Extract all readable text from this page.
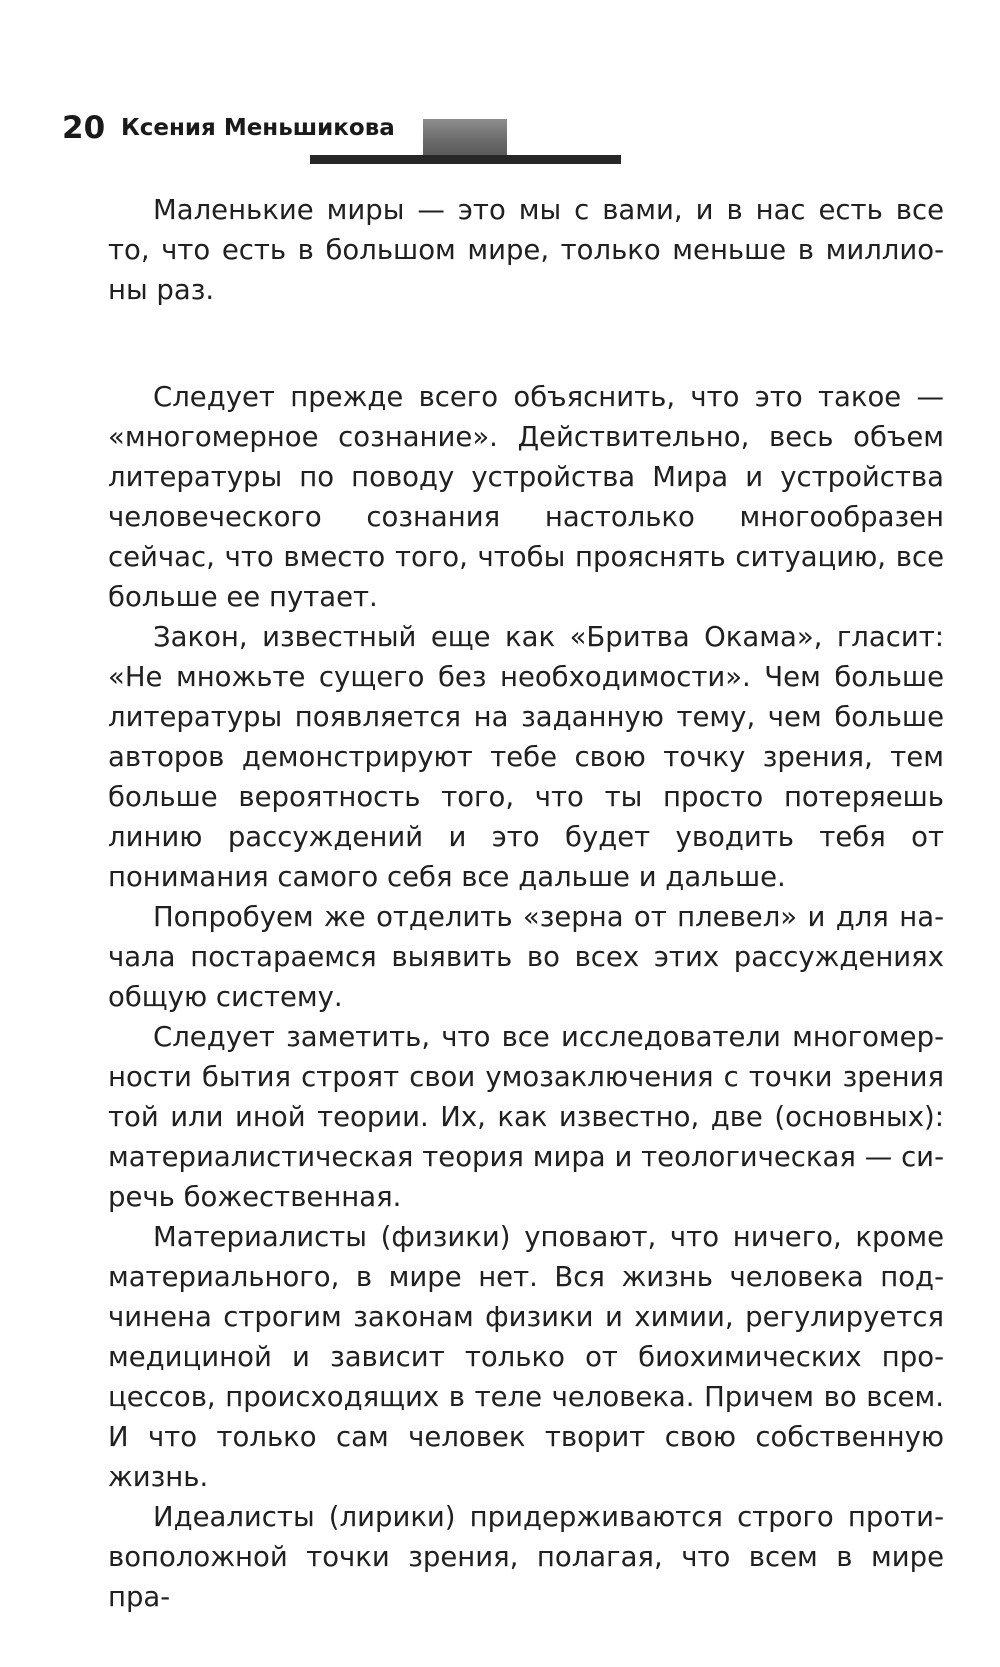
20 Ксения Меньшикова

Маленькие миры — это мы с вами, и в нас есть все то, что есть в большом мире, только меньше в миллионы раз.

Следует прежде всего объяснить, что это такое — «многомерное сознание». Действительно, весь объем литературы по поводу устройства Мира и устройства человеческого сознания настолько многообразен сейчас, что вместо того, чтобы прояснять ситуацию, все больше ее путает.

Закон, известный еще как «Бритва Окама», гласит: «Не множьте сущего без необходимости». Чем больше литературы появляется на заданную тему, чем больше авторов демонстрируют тебе свою точку зрения, тем больше вероятность того, что ты просто потеряешь линию рассуждений и это будет уводить тебя от понимания самого себя все дальше и дальше.

Попробуем же отделить «зерна от плевел» и для начала постараемся выявить во всех этих рассуждениях общую систему.

Следует заметить, что все исследователи многомерности бытия строят свои умозаключения с точки зрения той или иной теории. Их, как известно, две (основных): материалистическая теория мира и теологическая — сиречь божественная.

Материалисты (физики) уповают, что ничего, кроме материального, в мире нет. Вся жизнь человека подчинена строгим законам физики и химии, регулируется медициной и зависит только от биохимических процессов, происходящих в теле человека. Причем во всем. И что только сам человек творит свою собственную жизнь.

Идеалисты (лирики) придерживаются строго противоположной точки зрения, полагая, что всем в мире пра-
